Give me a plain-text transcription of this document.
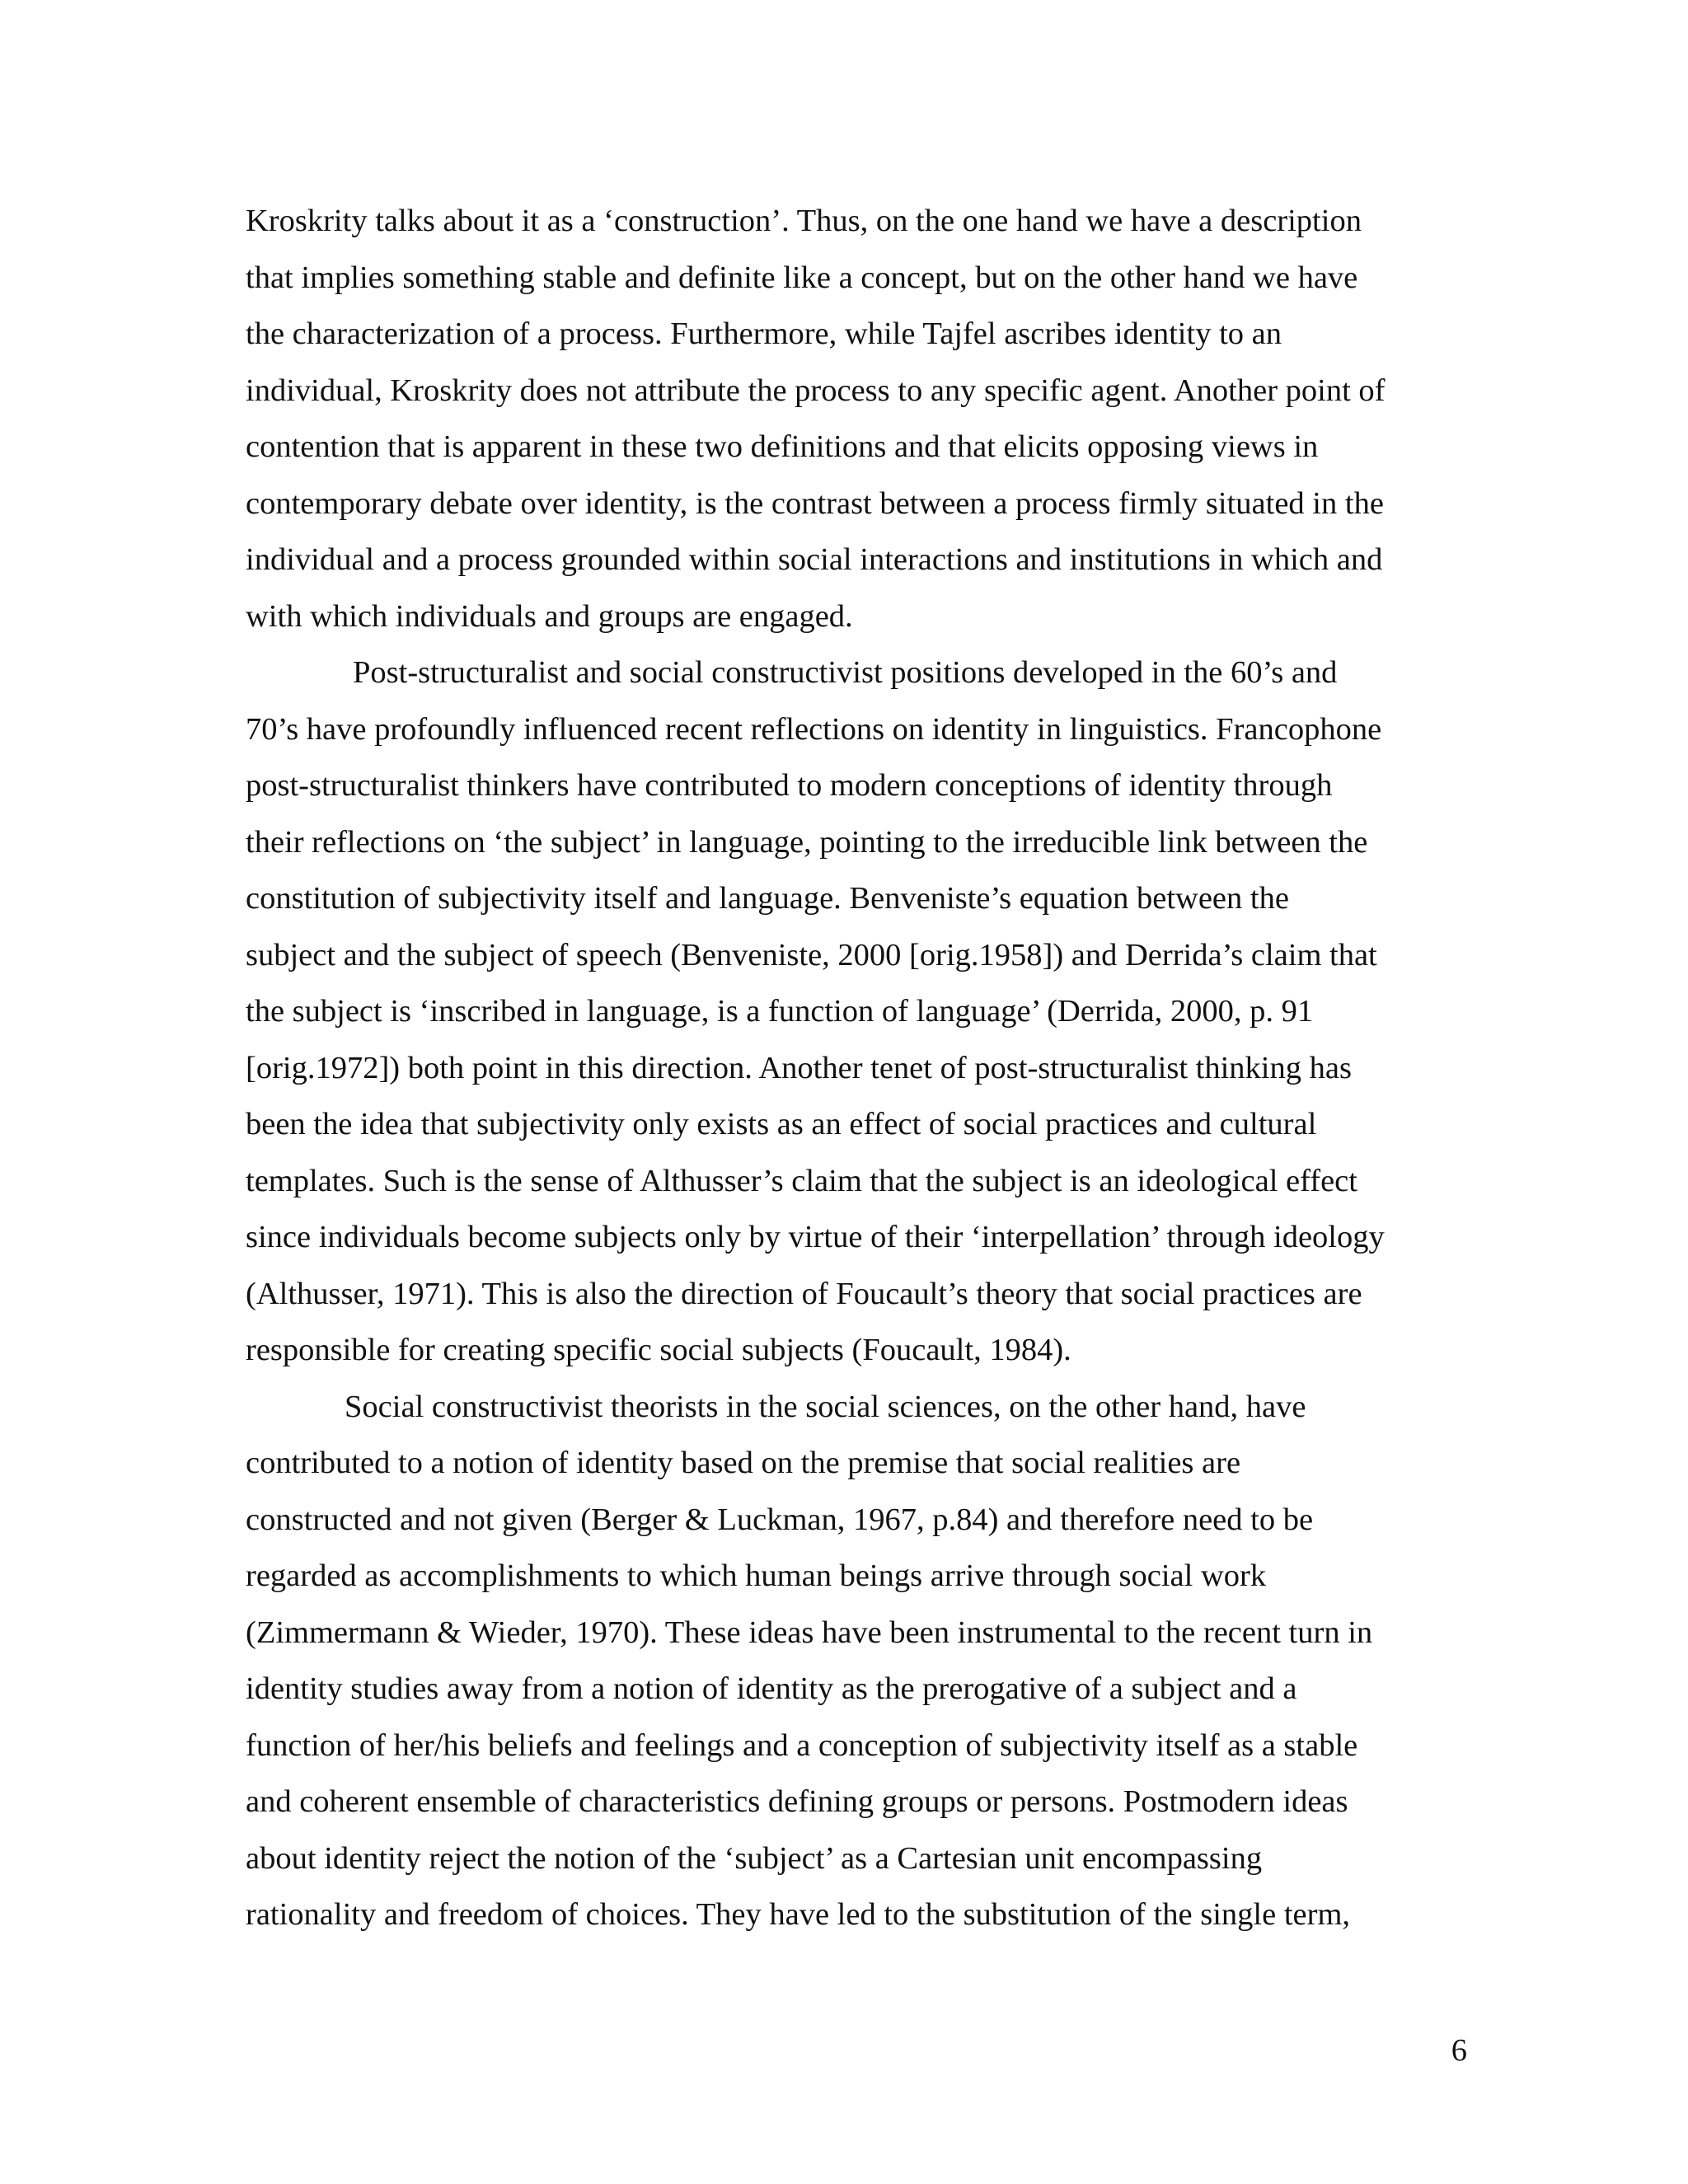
Kroskrity talks about it as a ‘construction’. Thus, on the one hand we have a description
that implies something stable and definite like a concept, but on the other hand we have
the characterization of a process. Furthermore, while Tajfel ascribes identity to an
individual, Kroskrity does not attribute the process to any specific agent. Another point of
contention that is apparent in these two definitions and that elicits opposing views in
contemporary debate over identity, is the contrast between a process firmly situated in the
individual and a process grounded within social interactions and institutions in which and
with which individuals and groups are engaged.
Post-structuralist and social constructivist positions developed in the 60’s and
70’s have profoundly influenced recent reflections on identity in linguistics. Francophone
post-structuralist thinkers have contributed to modern conceptions of identity through
their reflections on ‘the subject’ in language, pointing to the irreducible link between the
constitution of subjectivity itself and language. Benveniste’s equation between the
subject and the subject of speech (Benveniste, 2000 [orig.1958]) and Derrida’s claim that
the subject is ‘inscribed in language, is a function of language’ (Derrida, 2000, p. 91
[orig.1972]) both point in this direction. Another tenet of post-structuralist thinking has
been the idea that subjectivity only exists as an effect of social practices and cultural
templates. Such is the sense of Althusser’s claim that the subject is an ideological effect
since individuals become subjects only by virtue of their ‘interpellation’ through ideology
(Althusser, 1971). This is also the direction of Foucault’s theory that social practices are
responsible for creating specific social subjects (Foucault, 1984).
Social constructivist theorists in the social sciences, on the other hand, have
contributed to a notion of identity based on the premise that social realities are
constructed and not given (Berger & Luckman, 1967, p.84) and therefore need to be
regarded as accomplishments to which human beings arrive through social work
(Zimmermann & Wieder, 1970). These ideas have been instrumental to the recent turn in
identity studies away from a notion of identity as the prerogative of a subject and a
function of her/his beliefs and feelings and a conception of subjectivity itself as a stable
and coherent ensemble of characteristics defining groups or persons. Postmodern ideas
about identity reject the notion of the ‘subject’ as a Cartesian unit encompassing
rationality and freedom of choices. They have led to the substitution of the single term,
6
